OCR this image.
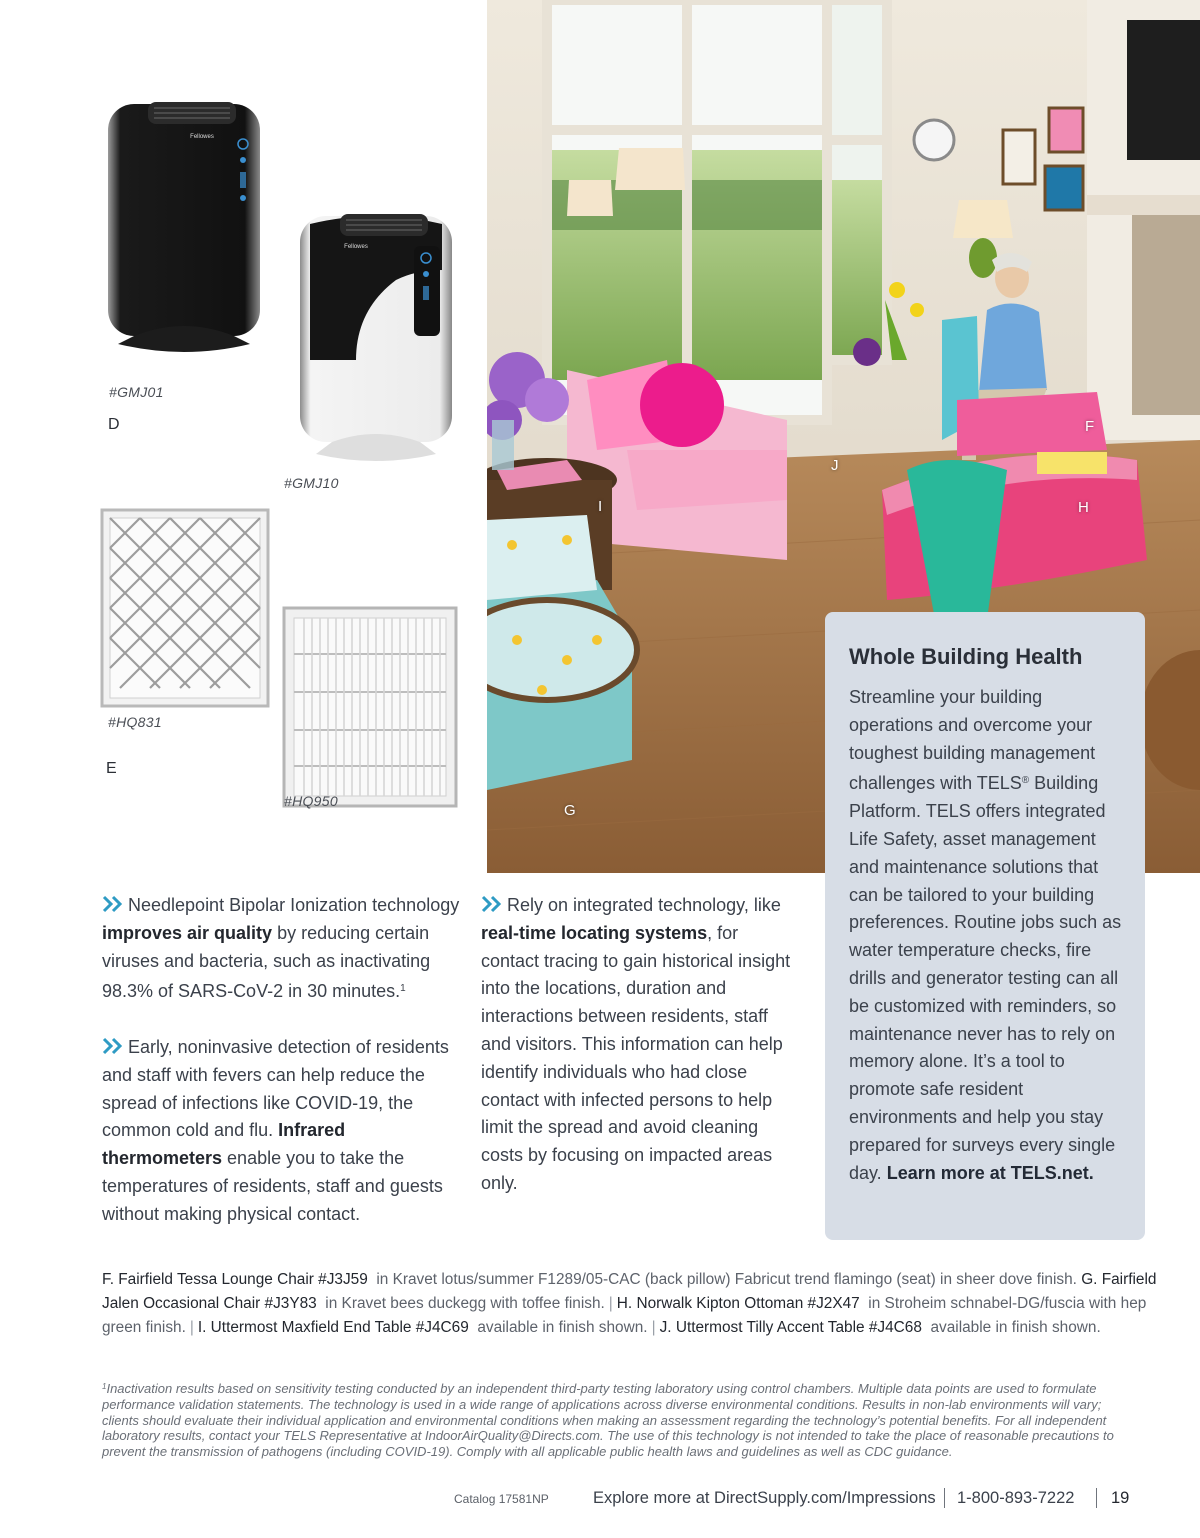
Fellowes
Fellowes
#GMJ01
D
#GMJ10
#HQ831
E
#HQ950
F
G
H
I
J
Whole Building Health

Streamline your building operations and overcome your toughest building management challenges with TELS® Building Platform. TELS offers integrated Life Safety, asset management and maintenance solutions that can be tailored to your building preferences. Routine jobs such as water temperature checks, fire drills and generator testing can all be customized with reminders, so maintenance never has to rely on memory alone. It’s a tool to promote safe resident environments and help you stay prepared for surveys every single day. Learn more at TELS.net.

Needlepoint Bipolar Ionization technology improves air quality by reducing certain viruses and bacteria, such as inactivating 98.3% of SARS-CoV-2 in 30 minutes.$^1$

Early, noninvasive detection of residents and staff with fevers can help reduce the spread of infections like COVID-19, the common cold and flu. Infrared thermometers enable you to take the temperatures of residents, staff and guests without making physical contact.

Rely on integrated technology, like real-time locating systems, for contact tracing to gain historical insight into the locations, duration and interactions between residents, staff and visitors. This information can help identify individuals who had close contact with infected persons to help limit the spread and avoid cleaning costs by focusing on impacted areas only.

F. Fairfield Tessa Lounge Chair #J3J59 in Kravet lotus/summer F1289/05-CAC (back pillow) Fabricut trend flamingo (seat) in sheer dove finish. G. Fairfield Jalen Occasional Chair #J3Y83 in Kravet bees duckegg with toffee finish. | H. Norwalk Kipton Ottoman #J2X47 in Stroheim schnabel-DG/fuscia with hep green finish. | I. Uttermost Maxfield End Table #J4C69 available in finish shown. | J. Uttermost Tilly Accent Table #J4C68 available in finish shown.
$^1$Inactivation results based on sensitivity testing conducted by an independent third-party testing laboratory using control chambers. Multiple data points are used to formulate performance validation statements. The technology is used in a wide range of applications across diverse environmental conditions. Results in non-lab environments will vary; clients should evaluate their individual application and environmental conditions when making an assessment regarding the technology’s potential benefits. For all independent laboratory results, contact your TELS Representative at IndoorAirQuality@Directs.com. The use of this technology is not intended to take the place of reasonable precautions to prevent the transmission of pathogens (including COVID-19). Comply with all applicable public health laws and guidelines as well as CDC guidance.
Catalog 17581NP	Explore more at DirectSupply.com/Impressions 1-800-893-7222 19
